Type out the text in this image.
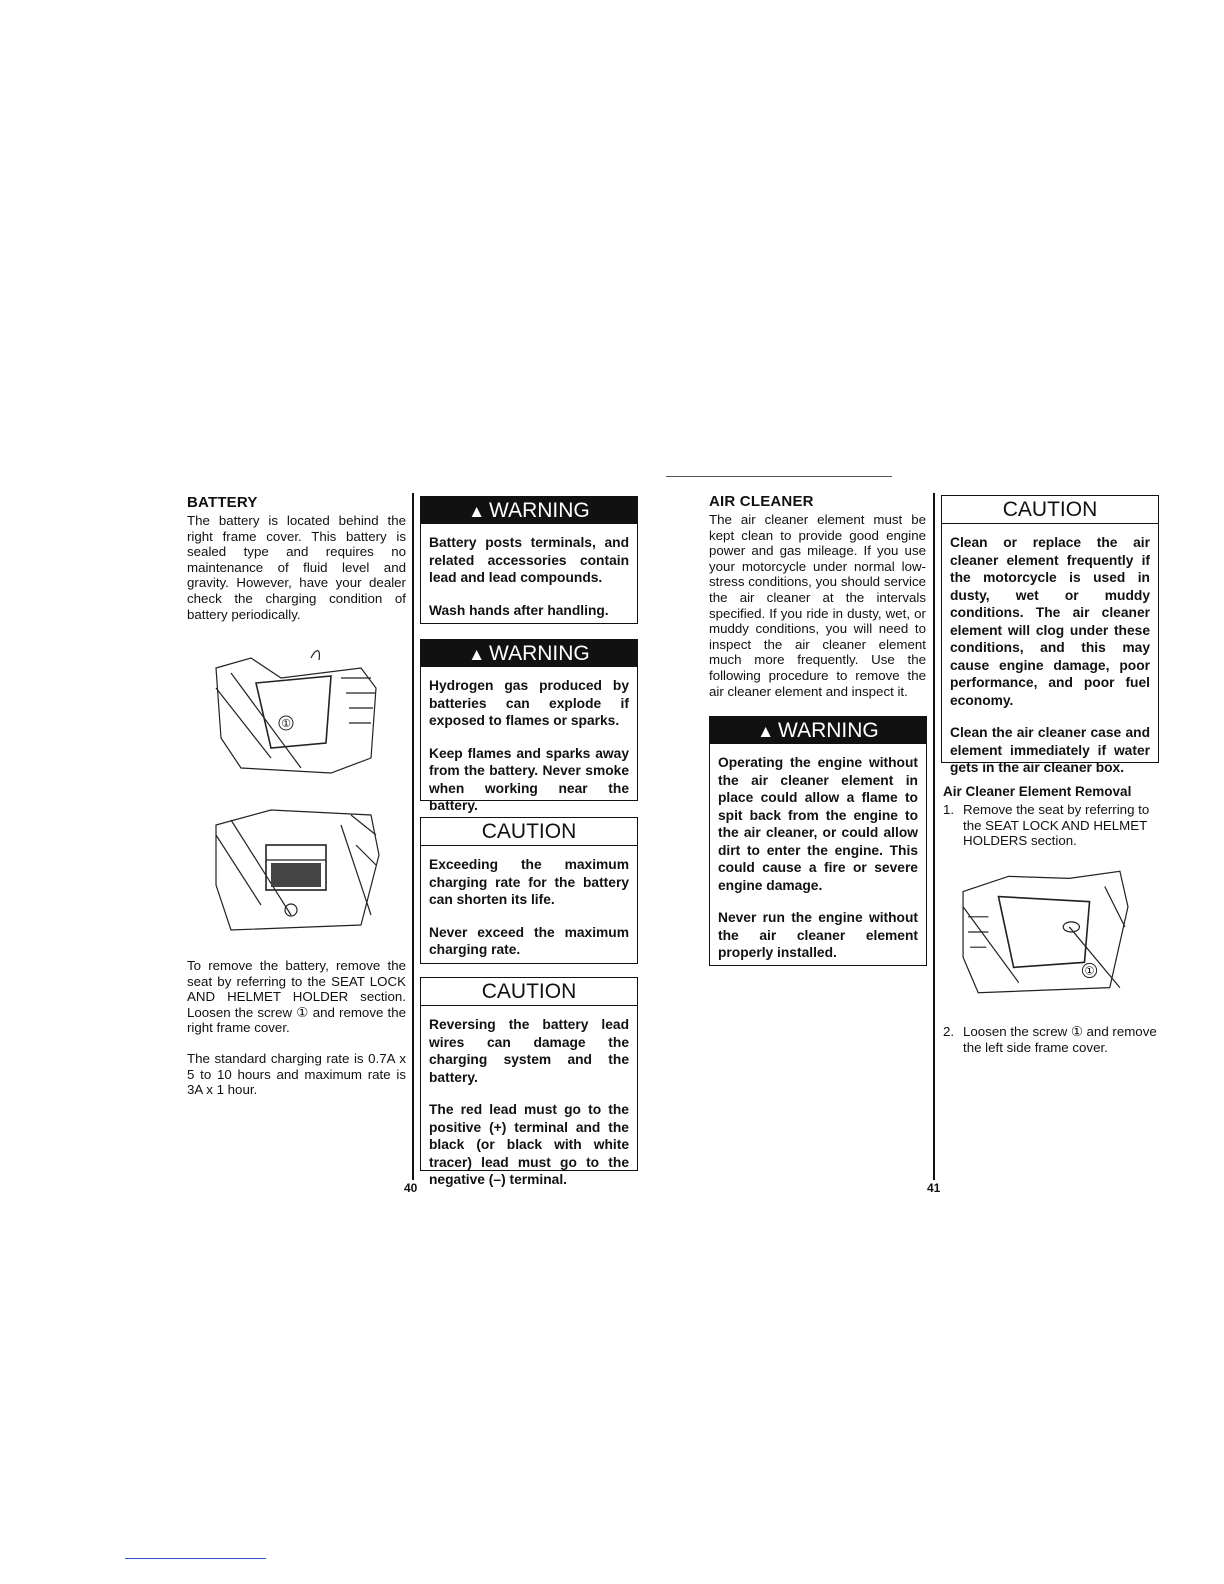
BATTERY
The battery is located behind the right frame cover. This battery is sealed type and requires no maintenance of fluid level and gravity. However, have your dealer check the charging condition of battery periodically.
①
To remove the battery, remove the seat by referring to the SEAT LOCK AND HELMET HOLDER section. Loosen the screw ① and remove the right frame cover.
The standard charging rate is 0.7A x 5 to 10 hours and maximum rate is 3A x 1 hour.
▲ WARNING
Battery posts terminals, and related accessories contain lead and lead compounds.
Wash hands after handling.
▲ WARNING
Hydrogen gas produced by batteries can explode if exposed to flames or sparks.
Keep flames and sparks away from the battery. Never smoke when working near the battery.
CAUTION
Exceeding the maximum charging rate for the battery can shorten its life.
Never exceed the maximum charging rate.
CAUTION
Reversing the battery lead wires can damage the charging system and the battery.
The red lead must go to the positive (+) terminal and the black (or black with white tracer) lead must go to the negative (–) terminal.
40
AIR CLEANER
The air cleaner element must be kept clean to provide good engine power and gas mileage. If you use your motorcycle under normal low-stress conditions, you should service the air cleaner at the intervals specified. If you ride in dusty, wet, or muddy conditions, you will need to inspect the air cleaner element much more frequently. Use the following procedure to remove the air cleaner element and inspect it.
▲ WARNING
Operating the engine without the air cleaner element in place could allow a flame to spit back from the engine to the air cleaner, or could allow dirt to enter the engine. This could cause a fire or severe engine damage.
Never run the engine without the air cleaner element properly installed.
CAUTION
Clean or replace the air cleaner element frequently if the motorcycle is used in dusty, wet or muddy conditions. The air cleaner element will clog under these conditions, and this may cause engine damage, poor performance, and poor fuel economy.
Clean the air cleaner case and element immediately if water gets in the air cleaner box.
Air Cleaner Element Removal
1. Remove the seat by referring to the SEAT LOCK AND HELMET HOLDERS section.
①
2. Loosen the screw ① and remove the left side frame cover.
41
